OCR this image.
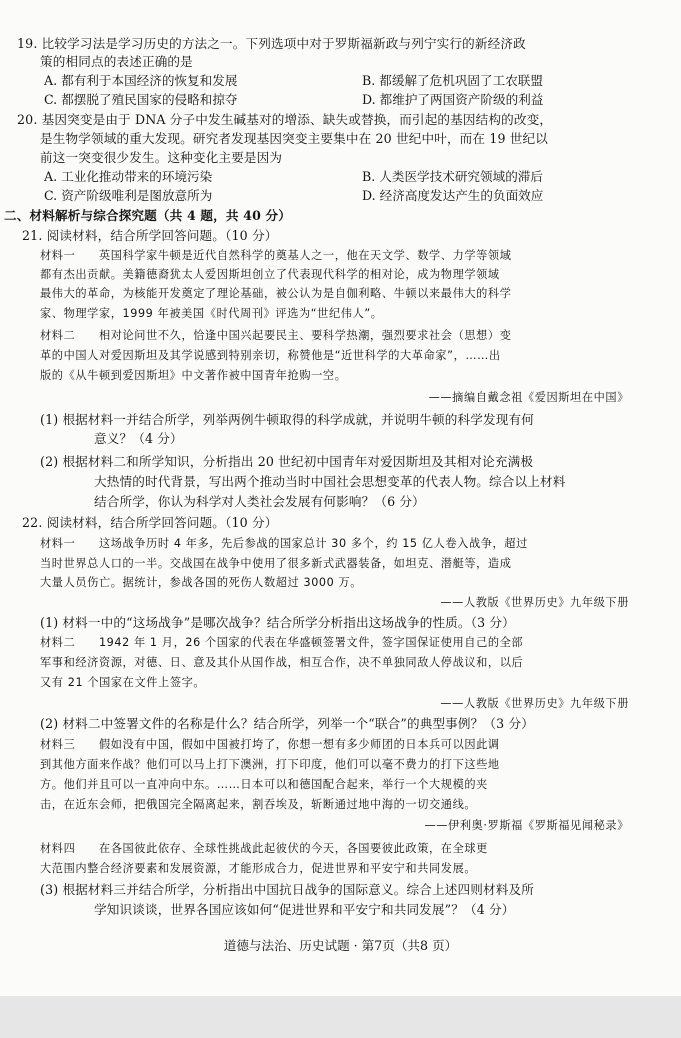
19. 比较学习法是学习历史的方法之一。下列选项中对于罗斯福新政与列宁实行的新经济政
策的相同点的表述正确的是
A. 都有利于本国经济的恢复和发展	B. 都缓解了危机巩固了工农联盟
C. 都摆脱了殖民国家的侵略和掠夺	D. 都维护了两国资产阶级的利益
20. 基因突变是由于 DNA 分子中发生碱基对的增添、缺失或替换，而引起的基因结构的改变，
是生物学领域的重大发现。研究者发现基因突变主要集中在 20 世纪中叶，而在 19 世纪以
前这一突变很少发生。这种变化主要是因为
A. 工业化推动带来的环境污染	B. 人类医学技术研究领域的滞后
C. 资产阶级唯利是图放意所为	D. 经济高度发达产生的负面效应
二、材料解析与综合探究题（共 4 题，共 40 分）
21. 阅读材料，结合所学回答问题。（10 分）
材料一　　英国科学家牛顿是近代自然科学的奠基人之一，他在天文学、数学、力学等领域
都有杰出贡献。美籍德裔犹太人爱因斯坦创立了代表现代科学的相对论，成为物理学领域
最伟大的革命，为核能开发奠定了理论基础，被公认为是自伽利略、牛顿以来最伟大的科学
家、物理学家，1999 年被美国《时代周刊》评选为“世纪伟人”。
材料二　　相对论问世不久，恰逢中国兴起要民主、要科学热潮，强烈要求社会（思想）变
革的中国人对爱因斯坦及其学说感到特别亲切，称赞他是“近世科学的大革命家”，……出
版的《从牛顿到爱因斯坦》中文著作被中国青年抢购一空。
——摘编自戴念祖《爱因斯坦在中国》
(1) 根据材料一并结合所学，列举两例牛顿取得的科学成就，并说明牛顿的科学发现有何
意义？（4 分）
(2) 根据材料二和所学知识，分析指出 20 世纪初中国青年对爱因斯坦及其相对论充满极
大热情的时代背景，写出两个推动当时中国社会思想变革的代表人物。综合以上材料
结合所学，你认为科学对人类社会发展有何影响？（6 分）
22. 阅读材料，结合所学回答问题。（10 分）
材料一　　这场战争历时 4 年多，先后参战的国家总计 30 多个，约 15 亿人卷入战争，超过
当时世界总人口的一半。交战国在战争中使用了很多新式武器装备，如坦克、潜艇等，造成
大量人员伤亡。据统计，参战各国的死伤人数超过 3000 万。
——人教版《世界历史》九年级下册
(1) 材料一中的“这场战争”是哪次战争？结合所学分析指出这场战争的性质。（3 分）
材料二　　1942 年 1 月，26 个国家的代表在华盛顿签署文件，签字国保证使用自己的全部
军事和经济资源，对德、日、意及其仆从国作战，相互合作，决不单独同敌人停战议和，以后
又有 21 个国家在文件上签字。
——人教版《世界历史》九年级下册
(2) 材料二中签署文件的名称是什么？结合所学，列举一个“联合”的典型事例？（3 分）
材料三　　假如没有中国，假如中国被打垮了，你想一想有多少师团的日本兵可以因此调
到其他方面来作战？他们可以马上打下澳洲，打下印度，他们可以毫不费力的打下这些地
方。他们并且可以一直冲向中东。……日本可以和德国配合起来，举行一个大规模的夹
击，在近东会师，把俄国完全隔离起来，割吞埃及，斩断通过地中海的一切交通线。
——伊利奥·罗斯福《罗斯福见闻秘录》
材料四　　在各国彼此依存、全球性挑战此起彼伏的今天，各国要彼此政策，在全球更
大范围内整合经济要素和发展资源，才能形成合力，促进世界和平安宁和共同发展。
(3) 根据材料三并结合所学，分析指出中国抗日战争的国际意义。综合上述四则材料及所
学知识谈谈，世界各国应该如何“促进世界和平安宁和共同发展”？（4 分）
道德与法治、历史试题 · 第7页（共8 页）
